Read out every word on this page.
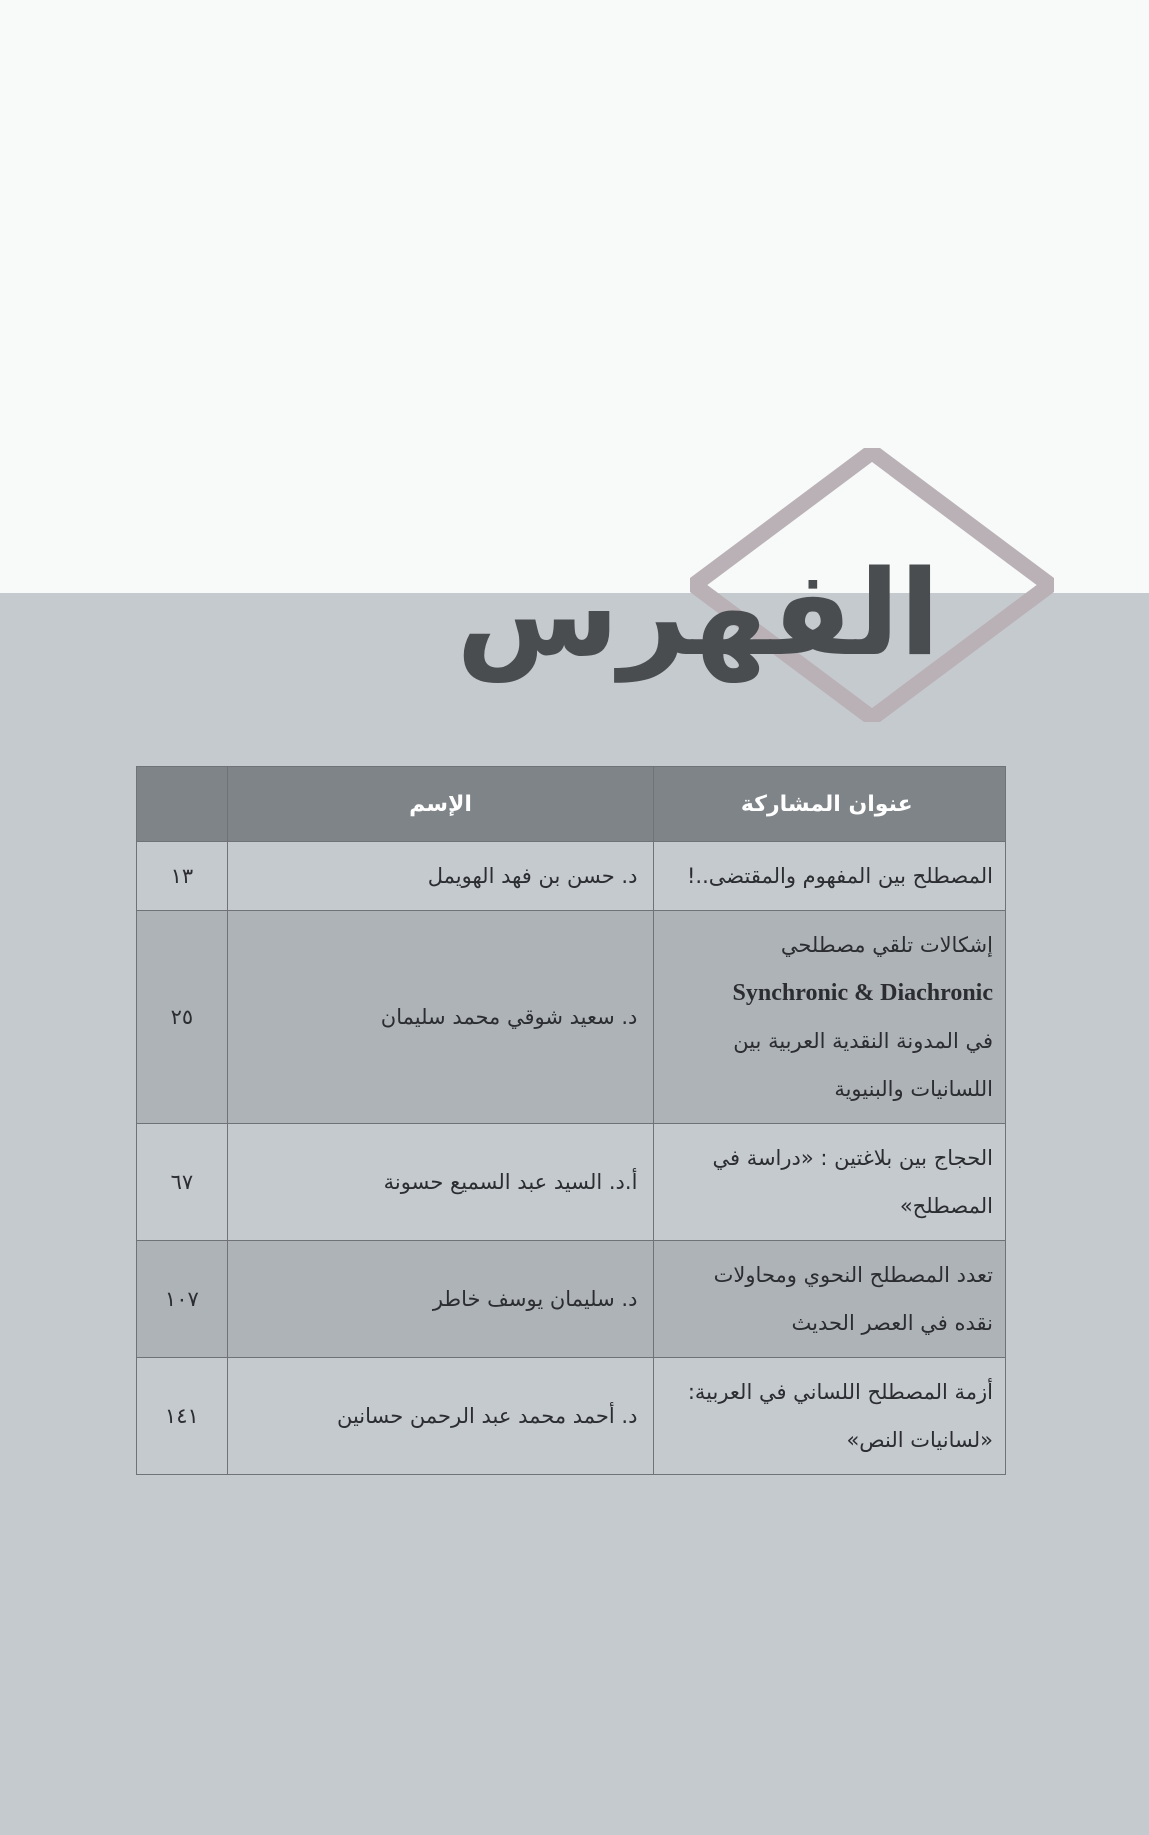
الفهرس
عنوان المشاركة	الإسم	

المصطلح بين المفهوم والمقتضى..!	د. حسن بن فهد الهويمل	١٣

إشكالات تلقي مصطلحي
Synchronic & Diachronic
في المدونة النقدية العربية بين
اللسانيات والبنيوية	د. سعيد شوقي محمد سليمان	٢٥

الحجاج بين بلاغتين : «دراسة في
المصطلح»	أ.د. السيد عبد السميع حسونة	٦٧

تعدد المصطلح النحوي ومحاولات
نقده في العصر الحديث	د. سليمان يوسف خاطر	١٠٧

أزمة المصطلح اللساني في العربية:
«لسانيات النص»	د. أحمد محمد عبد الرحمن حسانين	١٤١
